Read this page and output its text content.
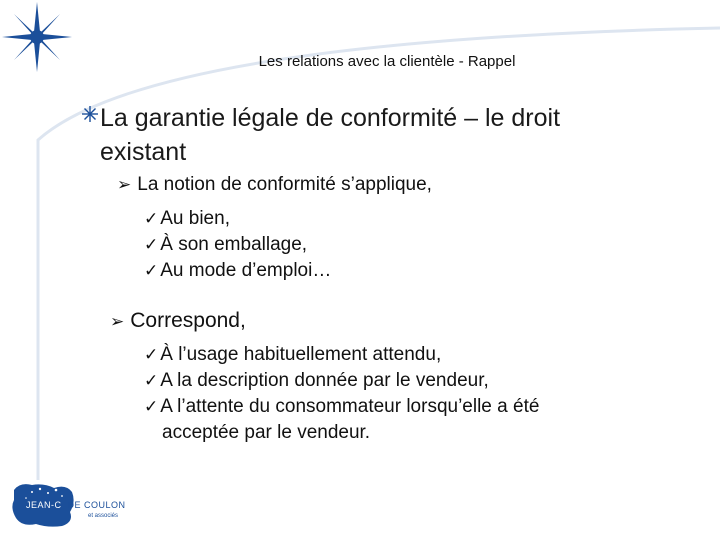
Les relations avec la clientèle - Rappel
La garantie légale de conformité – le droit
existant
➢ La notion de conformité s’applique,
✓ Au bien,
✓ À son emballage,
✓ Au mode d’emploi…
➢ Correspond,
✓ À l’usage habituellement attendu,
✓ A la description donnée par le vendeur,
✓ A l’attente du consommateur lorsqu’elle a été
acceptée par le vendeur.
JEAN-C DE COULON
et associés
